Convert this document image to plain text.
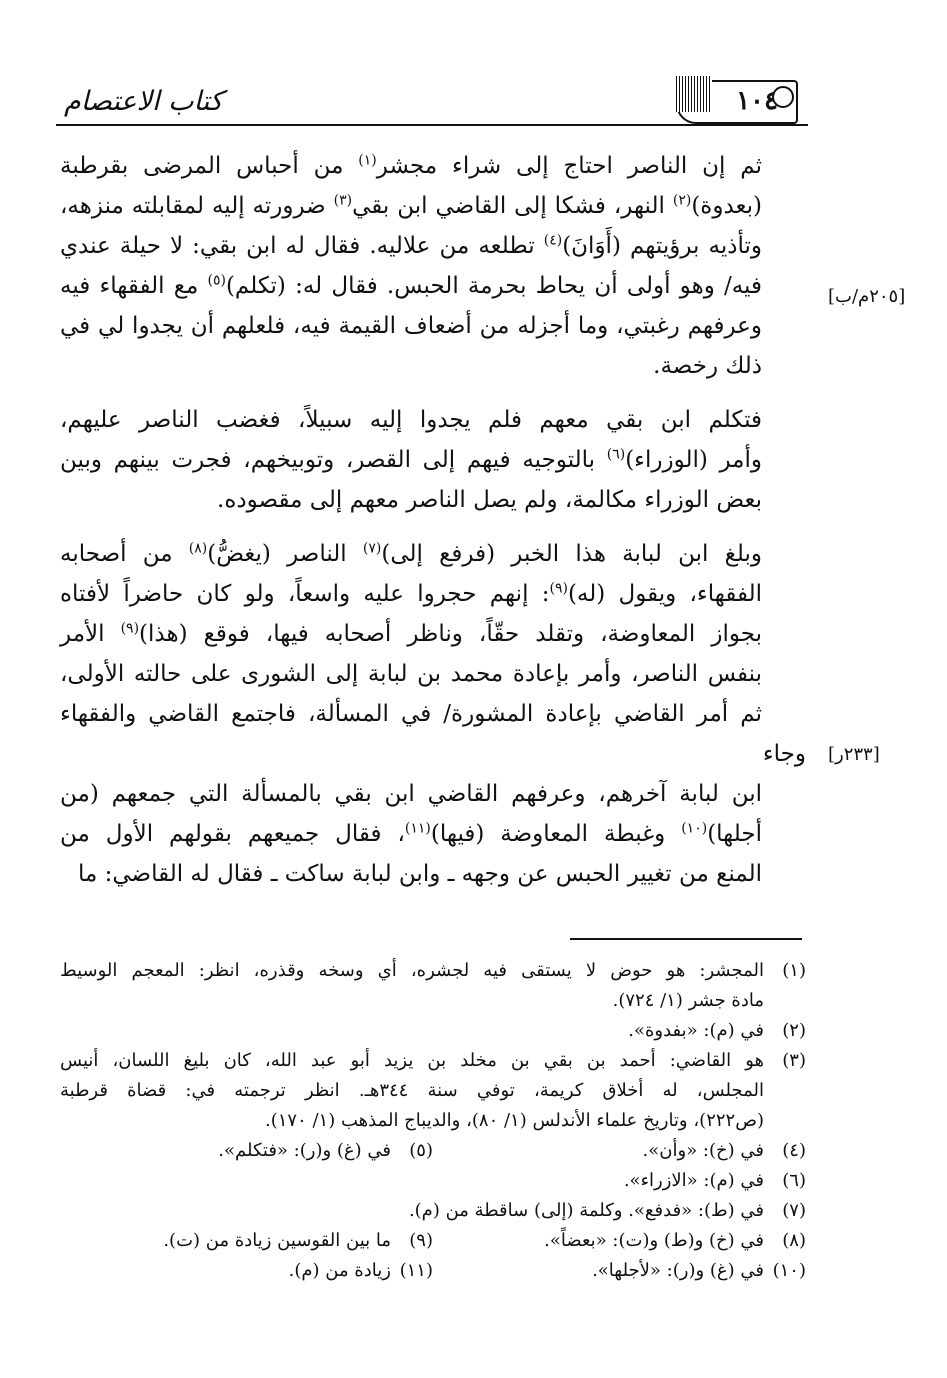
كتاب الاعتصام	١٠٤

ثم إن الناصر احتاج إلى شراء مجشر$^{(١)}$ من أحباس المرضى بقرطبة
(بعدوة)$^{(٢)}$ النهر، فشكا إلى القاضي ابن بقي$^{(٣)}$ ضرورته إليه لمقابلته منزهه،
وتأذيه برؤيتهم (أَوَانَ)$^{(٤)}$ تطلعه من علاليه. فقال له ابن بقي: لا حيلة عندي
فيه/ وهو أولى أن يحاط بحرمة الحبس. فقال له: (تكلم)$^{(٥)}$ مع الفقهاء فيه
وعرفهم رغبتي، وما أجزله من أضعاف القيمة فيه، فلعلهم أن يجدوا لي في
ذلك رخصة.

فتكلم ابن بقي معهم فلم يجدوا إليه سبيلاً، فغضب الناصر عليهم،
وأمر (الوزراء)$^{(٦)}$ بالتوجيه فيهم إلى القصر، وتوبيخهم، فجرت بينهم وبين
بعض الوزراء مكالمة، ولم يصل الناصر معهم إلى مقصوده.

وبلغ ابن لبابة هذا الخبر (فرفع إلى)$^{(٧)}$ الناصر (يغضُّ)$^{(٨)}$ من أصحابه
الفقهاء، ويقول (له)$^{(٩)}$: إنهم حجروا عليه واسعاً، ولو كان حاضراً لأفتاه
بجواز المعاوضة، وتقلد حقّاً، وناظر أصحابه فيها، فوقع (هذا)$^{(٩)}$ الأمر
بنفس الناصر، وأمر بإعادة محمد بن لبابة إلى الشورى على حالته الأولى،
ثم أمر القاضي بإعادة المشورة/ في المسألة، فاجتمع القاضي والفقهاء وجاء
ابن لبابة آخرهم، وعرفهم القاضي ابن بقي بالمسألة التي جمعهم (من
أجلها)$^{(١٠)}$ وغبطة المعاوضة (فيها)$^{(١١)}$، فقال جميعهم بقولهم الأول من
المنع من تغيير الحبس عن وجهه ـ وابن لبابة ساكت ـ فقال له القاضي: ما

[٢٠٥م/ب]
[٢٣٣ر]
(١)
المجشر: هو حوض لا يستقى فيه لجشره، أي وسخه وقذره، انظر: المعجم الوسيط
مادة جشر (١/ ٧٢٤).
(٢)
في (م): «بفدوة».
(٣)
هو القاضي: أحمد بن بقي بن مخلد بن يزيد أبو عبد الله، كان بليغ اللسان، أنيس
المجلس، له أخلاق كريمة، توفي سنة ٣٤٤هـ. انظر ترجمته في: قضاة قرطبة
(ص٢٢٢)، وتاريخ علماء الأندلس (١/ ٨٠)، والديباج المذهب (١/ ١٧٠).
(٤)
في (خ): «وأن».
(٥)
في (غ) و(ر): «فتكلم».
(٦)
في (م): «الازراء».
(٧)
في (ط): «فدفع». وكلمة (إلى) ساقطة من (م).
(٨)
في (خ) و(ط) و(ت): «بعضاً».
(٩)
ما بين القوسين زيادة من (ت).
(١٠)
في (غ) و(ر): «لأجلها».
(١١)
زيادة من (م).
